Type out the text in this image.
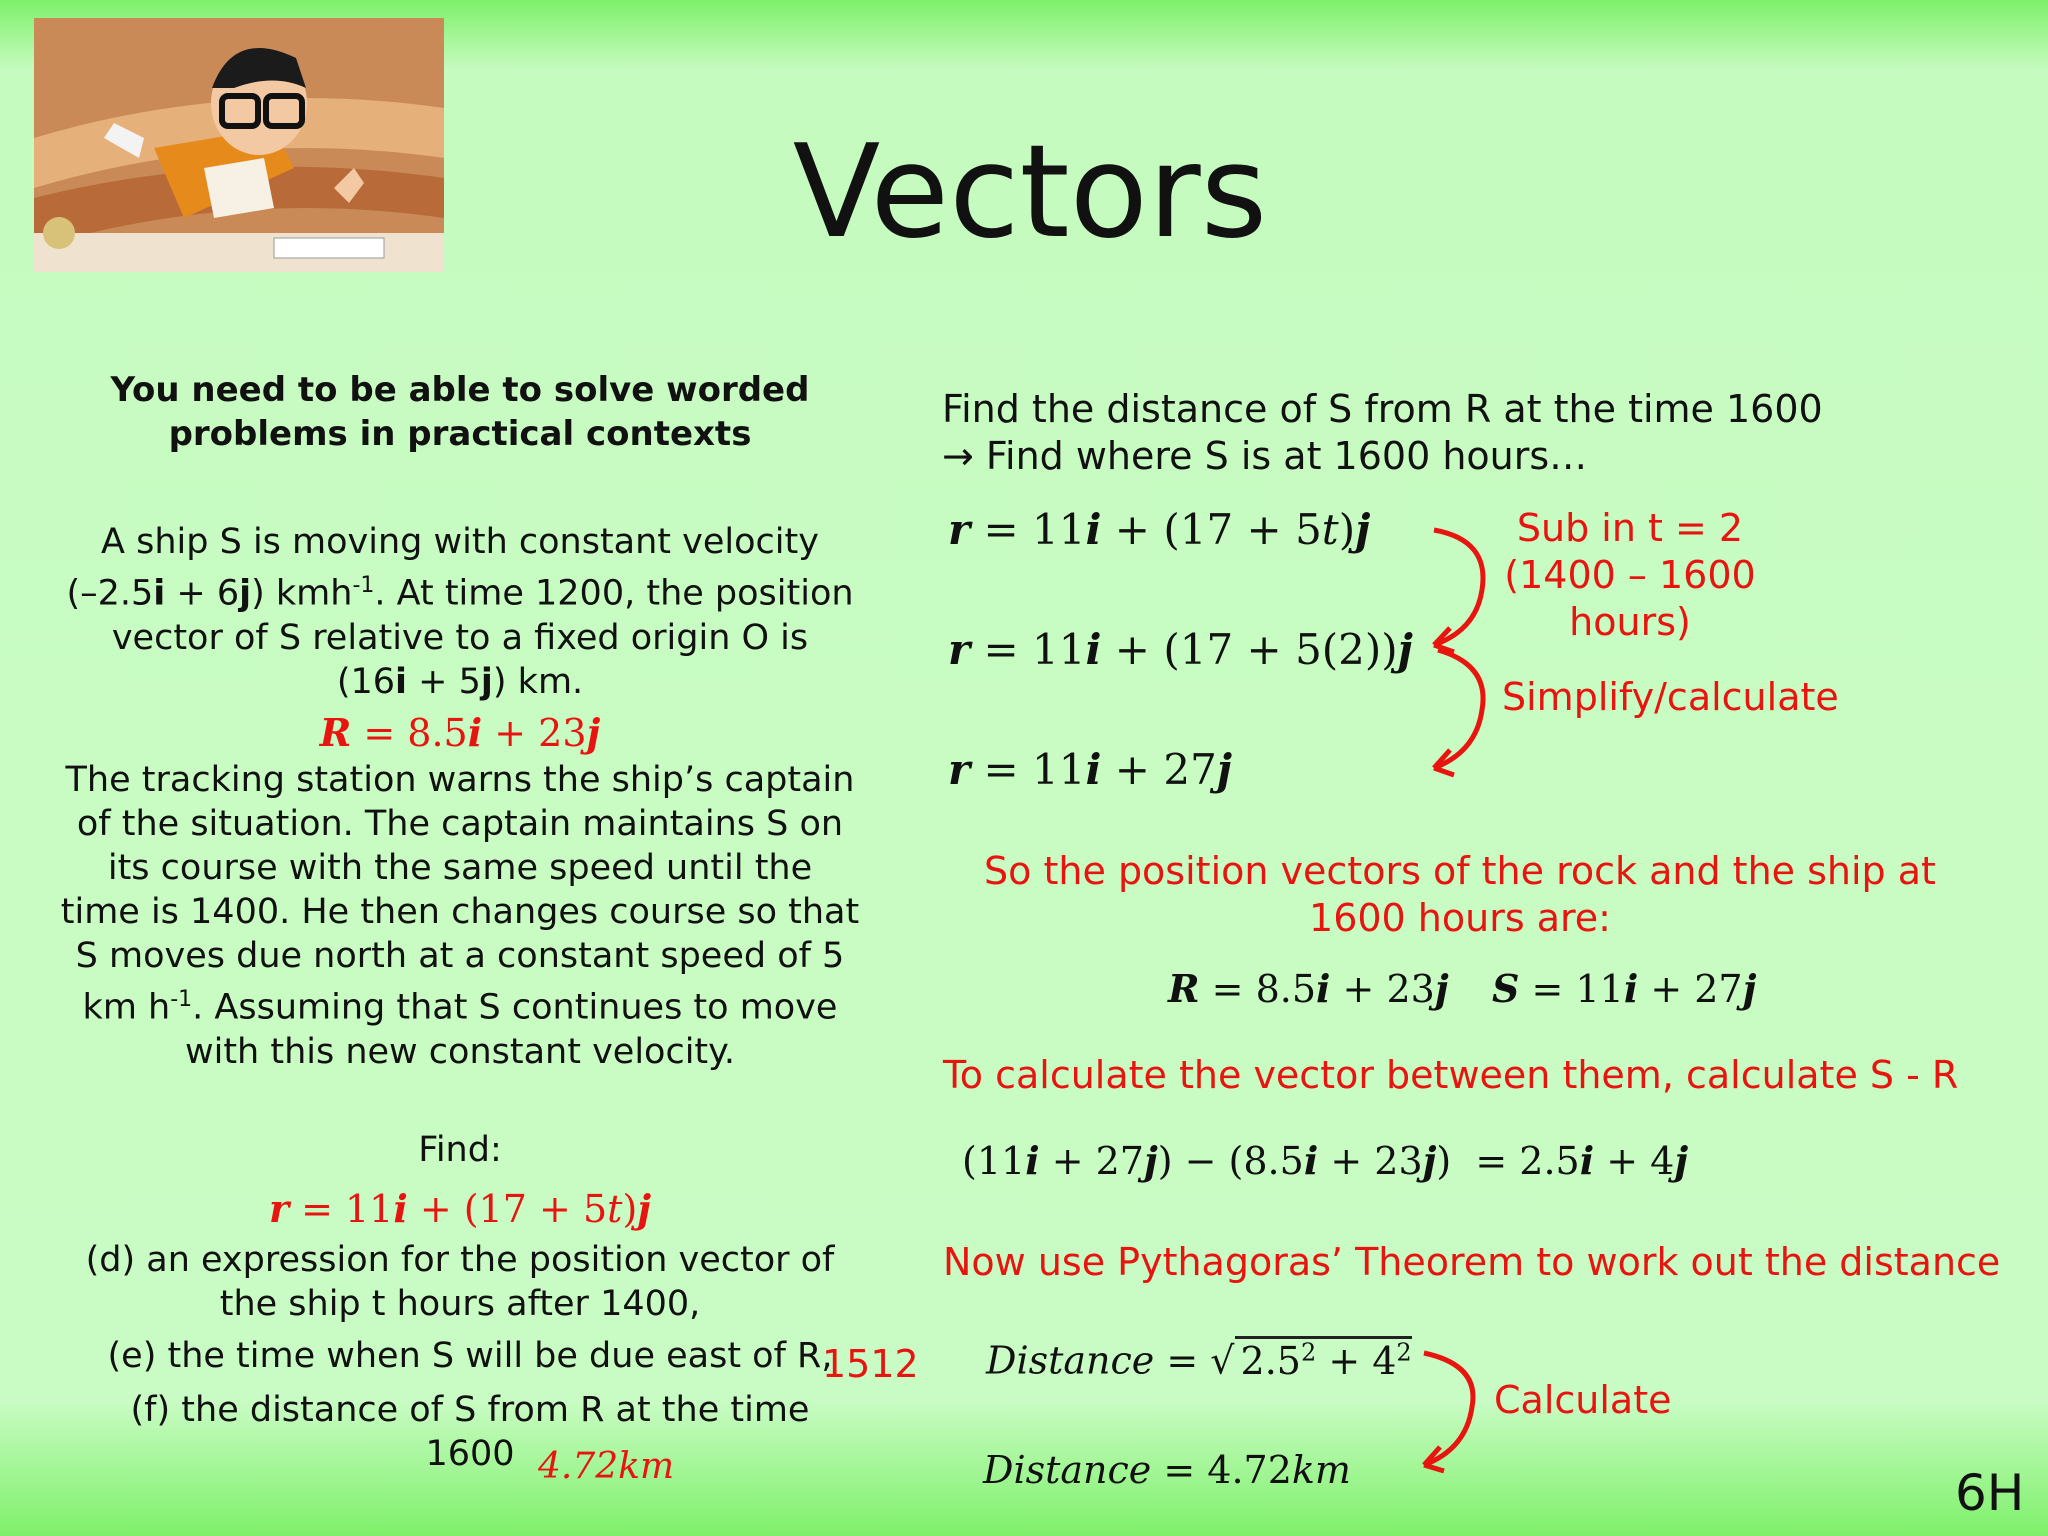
Vectors
You need to be able to solve worded
problems in practical contexts
A ship S is moving with constant velocity
(–2.5i + 6j) kmh$^{-1}$. At time 1200, the position
vector of S relative to a fixed origin O is
(16i + 5j) km.
R = 8.5i + 23j
The tracking station warns the ship’s captain
of the situation. The captain maintains S on
its course with the same speed until the
time is 1400. He then changes course so that
S moves due north at a constant speed of 5
km $h^{-1}$. Assuming that S continues to move
with this new constant velocity.
Find:
r = 11i + (17 + 5t)j
(d) an expression for the position vector of
the ship t hours after 1400,
(e) the time when S will be due east of R,
1512
(f) the distance of S from R at the time
1600 4.72km
Find the distance of S from R at the time 1600
→ Find where S is at 1600 hours…
r = 11i + (17 + 5t)j
r = 11i + (17 + 5(2))j
r = 11i + 27j
Sub in t = 2
(1400 – 1600
hours)
Simplify/calculate
So the position vectors of the rock and the ship at
1600 hours are:
R = 8.5i + 23j S = 11i + 27j
To calculate the vector between them, calculate S - R
(11i + 27j) − (8.5i + 23j)  = 2.5i + 4j
Now use Pythagoras’ Theorem to work out the distance
Distance = √ $2.5^2 + 4^2$
Distance = 4.72km
Calculate
6H
